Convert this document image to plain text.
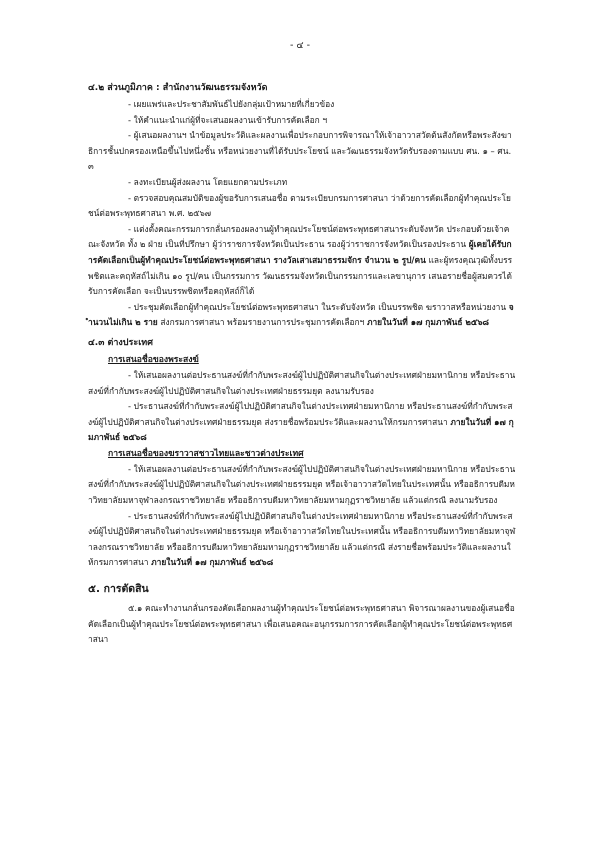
- ๔ -

๔.๒ ส่วนภูมิภาค : สำนักงานวัฒนธรรมจังหวัด

- เผยแพร่และประชาสัมพันธ์ไปยังกลุ่มเป้าหมายที่เกี่ยวข้อง

- ให้คำแนะนำแก่ผู้ที่จะเสนอผลงานเข้ารับการคัดเลือก ฯ

- ผู้เสนอผลงานฯ นำข้อมูลประวัติและผลงานเพื่อประกอบการพิจารณาให้เจ้าอาวาสวัดต้นสังกัดหรือพระสังฆาธิการชั้นปกครองเหนือขึ้นไปหนึ่งชั้น หรือหน่วยงานที่ได้รับประโยชน์ และวัฒนธรรมจังหวัดรับรองตามแบบ ศน. ๑ – ศน. ๓

- ลงทะเบียนผู้ส่งผลงาน โดยแยกตามประเภท

- ตรวจสอบคุณสมบัติของผู้ขอรับการเสนอชื่อ ตามระเบียบกรมการศาสนา ว่าด้วยการคัดเลือกผู้ทำคุณประโยชน์ต่อพระพุทธศาสนา พ.ศ. ๒๕๖๗

- แต่งตั้งคณะกรรมการกลั่นกรองผลงานผู้ทำคุณประโยชน์ต่อพระพุทธศาสนาระดับจังหวัด ประกอบด้วยเจ้าคณะจังหวัด ทั้ง ๒ ฝ่าย เป็นที่ปรึกษา ผู้ว่าราชการจังหวัดเป็นประธาน รองผู้ว่าราชการจังหวัดเป็นรองประธาน ผู้เคยได้รับการคัดเลือกเป็นผู้ทำคุณประโยชน์ต่อพระพุทธศาสนา รางวัลเสาเสมาธรรมจักร จำนวน ๒ รูป/คน และผู้ทรงคุณวุฒิทั้งบรรพชิตและคฤหัสถ์ไม่เกิน ๑๐ รูป/คน เป็นกรรมการ วัฒนธรรมจังหวัดเป็นกรรมการและเลขานุการ เสนอรายชื่อผู้สมควรได้รับการคัดเลือก จะเป็นบรรพชิตหรือคฤหัสถ์ก็ได้

- ประชุมคัดเลือกผู้ทำคุณประโยชน์ต่อพระพุทธศาสนา ในระดับจังหวัด เป็นบรรพชิต ฆราวาสหรือหน่วยงาน จำนวนไม่เกิน ๒ ราย ส่งกรมการศาสนา พร้อมรายงานการประชุมการคัดเลือกฯ ภายในวันที่ ๑๗ กุมภาพันธ์ ๒๕๖๘

๔.๓ ต่างประเทศ

การเสนอชื่อของพระสงฆ์

- ให้เสนอผลงานต่อประธานสงฆ์ที่กำกับพระสงฆ์ผู้ไปปฏิบัติศาสนกิจในต่างประเทศฝ่ายมหานิกาย หรือประธานสงฆ์ที่กำกับพระสงฆ์ผู้ไปปฏิบัติศาสนกิจในต่างประเทศฝ่ายธรรมยุต ลงนามรับรอง

- ประธานสงฆ์ที่กำกับพระสงฆ์ผู้ไปปฏิบัติศาสนกิจในต่างประเทศฝ่ายมหานิกาย หรือประธานสงฆ์ที่กำกับพระสงฆ์ผู้ไปปฏิบัติศาสนกิจในต่างประเทศฝ่ายธรรมยุต ส่งรายชื่อพร้อมประวัติและผลงานให้กรมการศาสนา ภายในวันที่ ๑๗ กุมภาพันธ์ ๒๕๖๘

การเสนอชื่อของฆราวาสชาวไทยและชาวต่างประเทศ

- ให้เสนอผลงานต่อประธานสงฆ์ที่กำกับพระสงฆ์ผู้ไปปฏิบัติศาสนกิจในต่างประเทศฝ่ายมหานิกาย หรือประธานสงฆ์ที่กำกับพระสงฆ์ผู้ไปปฏิบัติศาสนกิจในต่างประเทศฝ่ายธรรมยุต หรือเจ้าอาวาสวัดไทยในประเทศนั้น หรืออธิการบดีมหาวิทยาลัยมหาจุฬาลงกรณราชวิทยาลัย หรืออธิการบดีมหาวิทยาลัยมหามกุฏราชวิทยาลัย แล้วแต่กรณี ลงนามรับรอง

- ประธานสงฆ์ที่กำกับพระสงฆ์ผู้ไปปฏิบัติศาสนกิจในต่างประเทศฝ่ายมหานิกาย หรือประธานสงฆ์ที่กำกับพระสงฆ์ผู้ไปปฏิบัติศาสนกิจในต่างประเทศฝ่ายธรรมยุต หรือเจ้าอาวาสวัดไทยในประเทศนั้น หรืออธิการบดีมหาวิทยาลัยมหาจุฬาลงกรณราชวิทยาลัย หรืออธิการบดีมหาวิทยาลัยมหามกุฏราชวิทยาลัย แล้วแต่กรณี ส่งรายชื่อพร้อมประวัติและผลงานให้กรมการศาสนา ภายในวันที่ ๑๗ กุมภาพันธ์ ๒๕๖๘

๕. การตัดสิน

๕.๑ คณะทำงานกลั่นกรองคัดเลือกผลงานผู้ทำคุณประโยชน์ต่อพระพุทธศาสนา พิจารณาผลงานของผู้เสนอชื่อคัดเลือกเป็นผู้ทำคุณประโยชน์ต่อพระพุทธศาสนา เพื่อเสนอคณะอนุกรรมการการคัดเลือกผู้ทำคุณประโยชน์ต่อพระพุทธศาสนา
